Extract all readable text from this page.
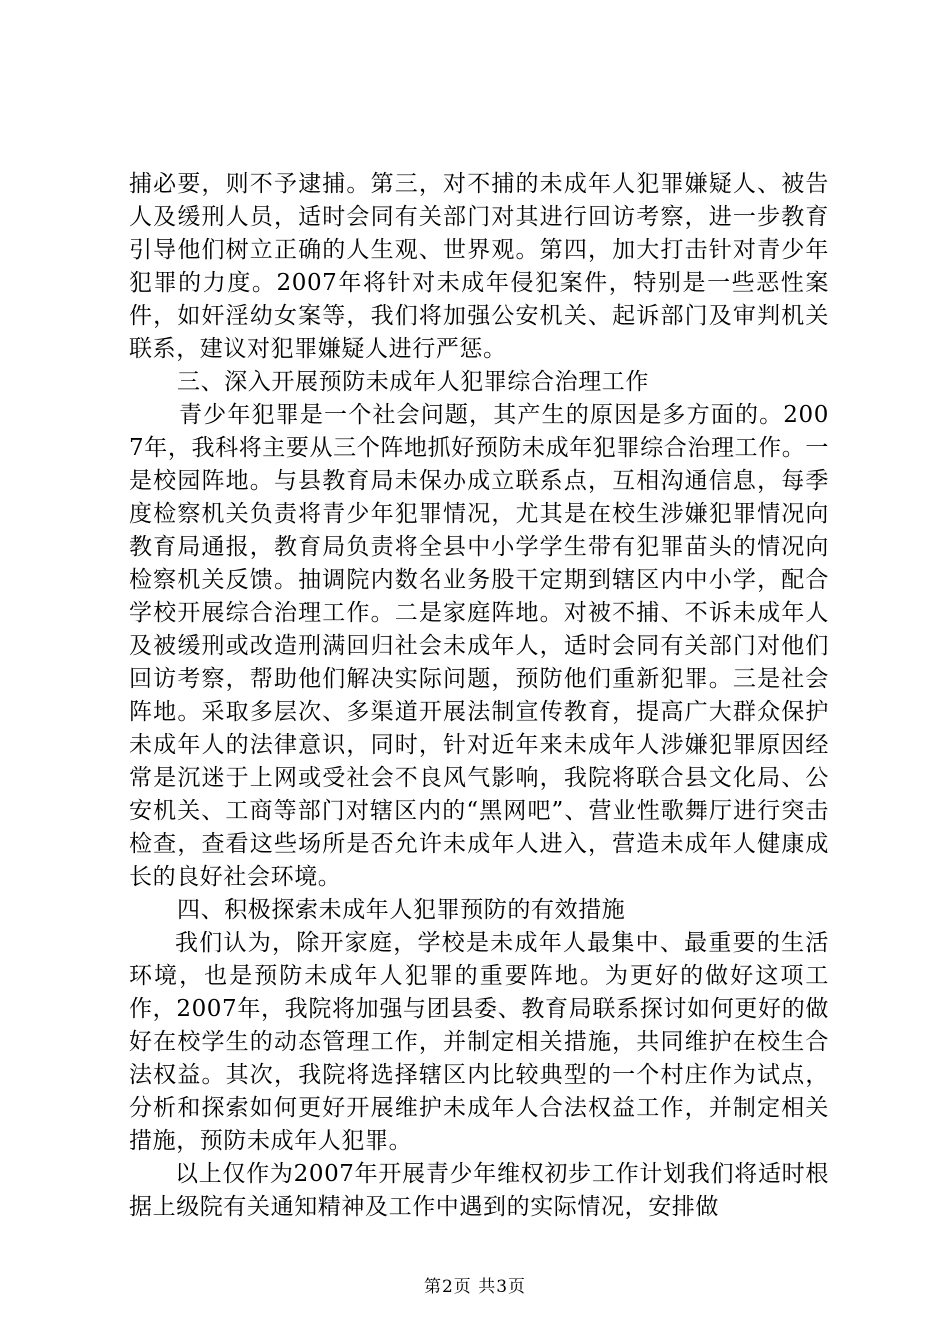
捕必要，则不予逮捕。第三，对不捕的未成年人犯罪嫌疑人、被告人及缓刑人员，适时会同有关部门对其进行回访考察，进一步教育引导他们树立正确的人生观、世界观。第四，加大打击针对青少年犯罪的力度。2007年将针对未成年侵犯案件，特别是一些恶性案件，如奸淫幼女案等，我们将加强公安机关、起诉部门及审判机关联系，建议对犯罪嫌疑人进行严惩。

三、深入开展预防未成年人犯罪综合治理工作

青少年犯罪是一个社会问题，其产生的原因是多方面的。2007年，我科将主要从三个阵地抓好预防未成年犯罪综合治理工作。一是校园阵地。与县教育局未保办成立联系点，互相沟通信息，每季度检察机关负责将青少年犯罪情况，尤其是在校生涉嫌犯罪情况向教育局通报，教育局负责将全县中小学学生带有犯罪苗头的情况向检察机关反馈。抽调院内数名业务股干定期到辖区内中小学，配合学校开展综合治理工作。二是家庭阵地。对被不捕、不诉未成年人及被缓刑或改造刑满回归社会未成年人，适时会同有关部门对他们回访考察，帮助他们解决实际问题，预防他们重新犯罪。三是社会阵地。采取多层次、多渠道开展法制宣传教育，提高广大群众保护未成年人的法律意识，同时，针对近年来未成年人涉嫌犯罪原因经常是沉迷于上网或受社会不良风气影响，我院将联合县文化局、公安机关、工商等部门对辖区内的“黑网吧”、营业性歌舞厅进行突击检查，查看这些场所是否允许未成年人进入，营造未成年人健康成长的良好社会环境。

四、积极探索未成年人犯罪预防的有效措施

我们认为，除开家庭，学校是未成年人最集中、最重要的生活环境，也是预防未成年人犯罪的重要阵地。为更好的做好这项工作，2007年，我院将加强与团县委、教育局联系探讨如何更好的做好在校学生的动态管理工作，并制定相关措施，共同维护在校生合法权益。其次，我院将选择辖区内比较典型的一个村庄作为试点，分析和探索如何更好开展维护未成年人合法权益工作，并制定相关措施，预防未成年人犯罪。

以上仅作为2007年开展青少年维权初步工作计划我们将适时根据上级院有关通知精神及工作中遇到的实际情况，安排做

第2页 共3页
